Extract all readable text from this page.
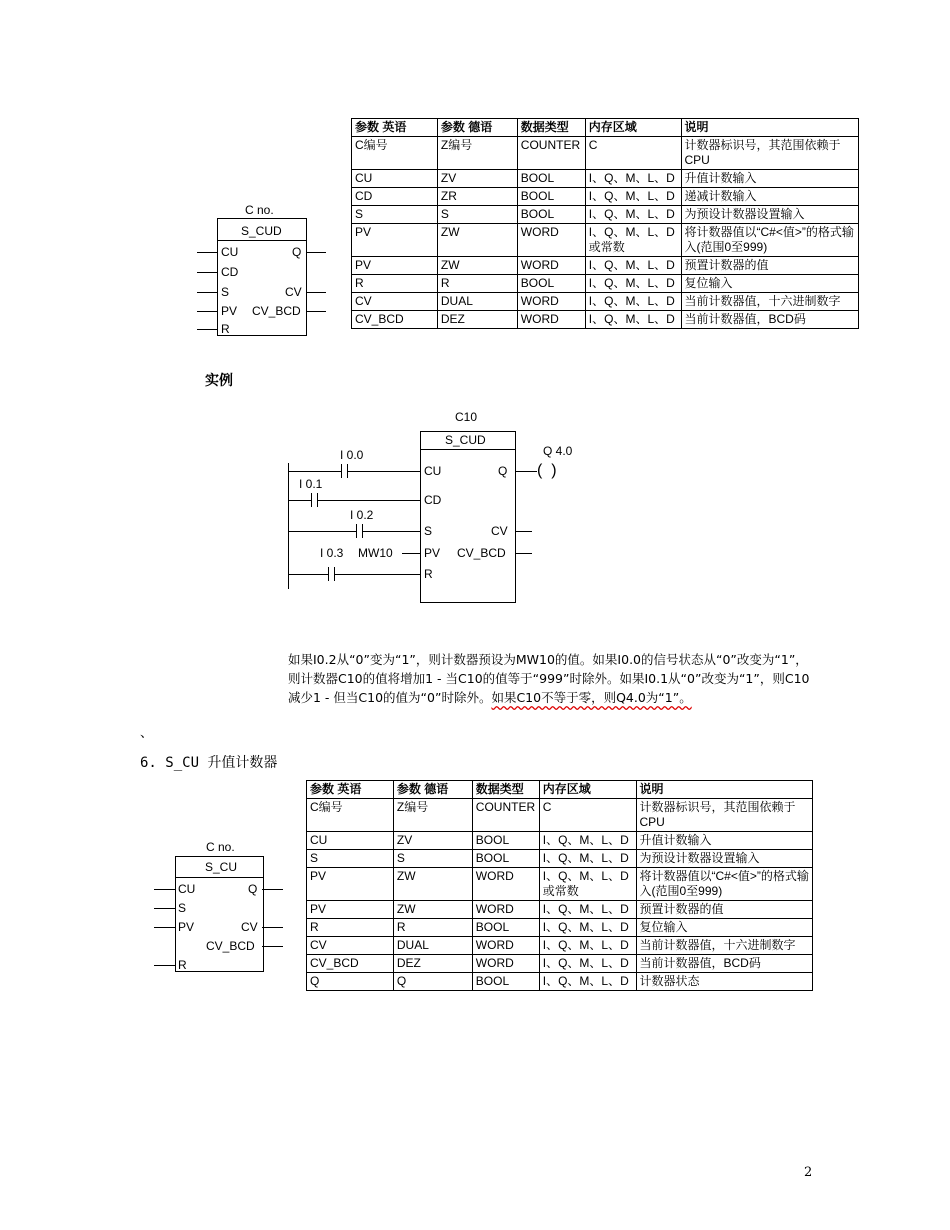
参数 英语	参数 德语	数据类型	内存区域	说明
C编号	Z编号	COUNTER	C	计数器标识号，其范围依赖于CPU
CU	ZV	BOOL	I、Q、M、L、D	升值计数输入
CD	ZR	BOOL	I、Q、M、L、D	递减计数输入
S	S	BOOL	I、Q、M、L、D	为预设计数器设置输入
PV	ZW	WORD	I、Q、M、L、D或常数	将计数器值以“C#<值>”的格式输入(范围0至999)
PV	ZW	WORD	I、Q、M、L、D	预置计数器的值
R	R	BOOL	I、Q、M、L、D	复位输入
CV	DUAL	WORD	I、Q、M、L、D	当前计数器值，十六进制数字
CV_BCD	DEZ	WORD	I、Q、M、L、D	当前计数器值，BCD码
C no.
S_CUD
CU
CD
S
PV
R
Q
CV
CV_BCD
实例
C10
S_CUD
I 0.0
CU
I 0.1
CD
I 0.2
S
I 0.3 MW10	PV
R
Q (  )
Q 4.0
CV
CV_BCD
如果I0.2从“0”变为“1”，则计数器预设为MW10的值。如果I0.0的信号状态从“0”改变为“1”，则计数器C10的值将增加1 - 当C10的值等于“999”时除外。如果I0.1从“0”改变为“1”，则C10减少1 - 但当C10的值为“0”时除外。如果C10不等于零，则Q4.0为“1”。
、
6. S_CU 升值计数器
C no.
S_CU
CU
S
PV
R
Q
CV
CV_BCD
参数 英语	参数 德语	数据类型	内存区域	说明
C编号	Z编号	COUNTER	C	计数器标识号，其范围依赖于CPU
CU	ZV	BOOL	I、Q、M、L、D	升值计数输入
S	S	BOOL	I、Q、M、L、D	为预设计数器设置输入
PV	ZW	WORD	I、Q、M、L、D或常数	将计数器值以“C#<值>”的格式输入(范围0至999)
PV	ZW	WORD	I、Q、M、L、D	预置计数器的值
R	R	BOOL	I、Q、M、L、D	复位输入
CV	DUAL	WORD	I、Q、M、L、D	当前计数器值，十六进制数字
CV_BCD	DEZ	WORD	I、Q、M、L、D	当前计数器值，BCD码
Q	Q	BOOL	I、Q、M、L、D	计数器状态
2
